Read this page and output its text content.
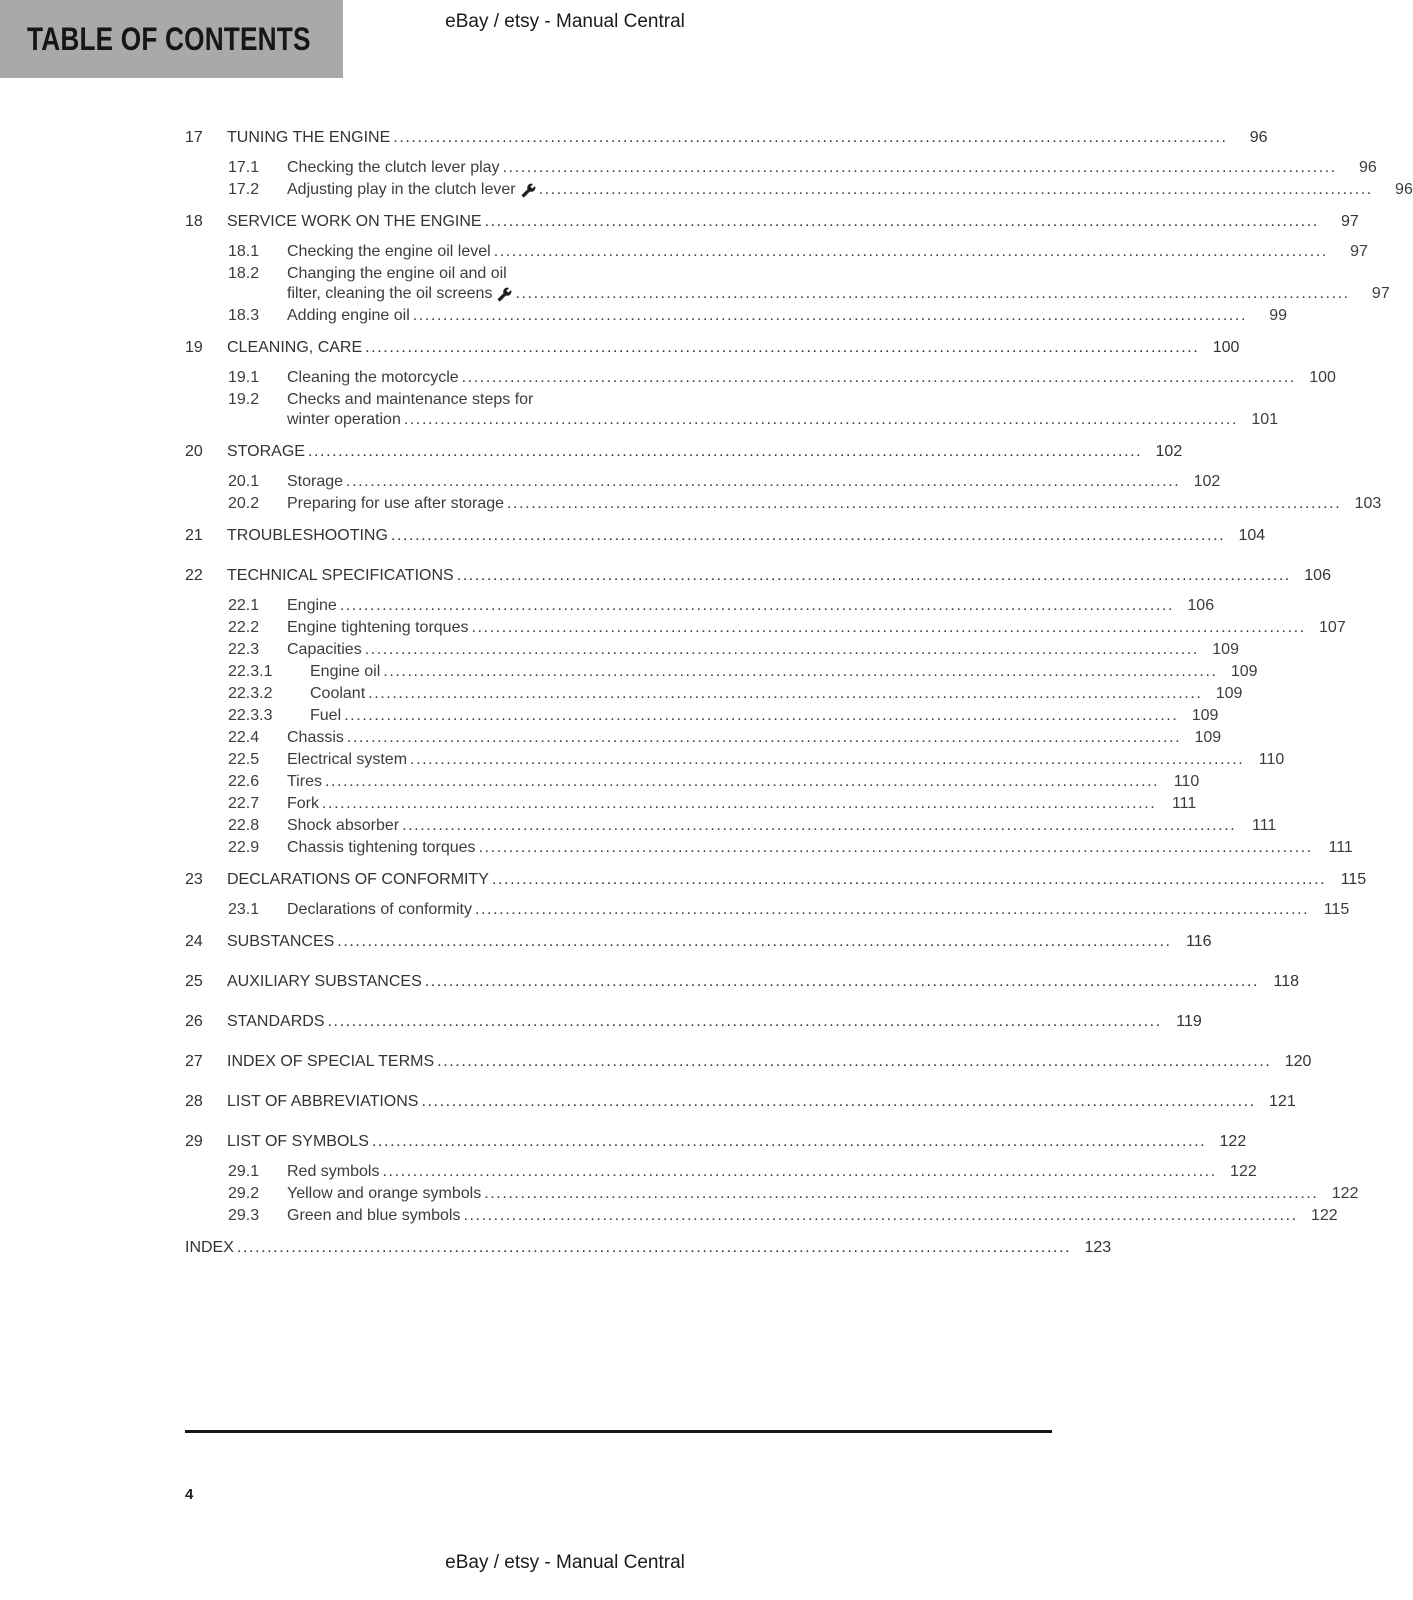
TABLE OF CONTENTS	eBay / etsy - Manual Central
17	TUNING THE ENGINE .....	96
17.1	Checking the clutch lever play .....	96
17.2	Adjusting play in the clutch lever .....	96
18	SERVICE WORK ON THE ENGINE .....	97
18.1	Checking the engine oil level .....	97
18.2	Changing the engine oil and oil
filter, cleaning the oil screens .....	97
18.3	Adding engine oil .....	99
19	CLEANING, CARE .....	100
19.1	Cleaning the motorcycle .....	100
19.2	Checks and maintenance steps for
winter operation .....	101
20	STORAGE .....	102
20.1	Storage .....	102
20.2	Preparing for use after storage .....	103
21	TROUBLESHOOTING .....	104
22	TECHNICAL SPECIFICATIONS .....	106
22.1	Engine .....	106
22.2	Engine tightening torques .....	107
22.3	Capacities .....	109
22.3.1	Engine oil .....	109
22.3.2	Coolant .....	109
22.3.3	Fuel .....	109
22.4	Chassis .....	109
22.5	Electrical system .....	110
22.6	Tires .....	110
22.7	Fork .....	111
22.8	Shock absorber .....	111
22.9	Chassis tightening torques .....	111
23	DECLARATIONS OF CONFORMITY .....	115
23.1	Declarations of conformity .....	115
24	SUBSTANCES .....	116
25	AUXILIARY SUBSTANCES .....	118
26	STANDARDS .....	119
27	INDEX OF SPECIAL TERMS .....	120
28	LIST OF ABBREVIATIONS .....	121
29	LIST OF SYMBOLS .....	122
29.1	Red symbols .....	122
29.2	Yellow and orange symbols .....	122
29.3	Green and blue symbols .....	122
INDEX .....	123
4
eBay / etsy - Manual Central
